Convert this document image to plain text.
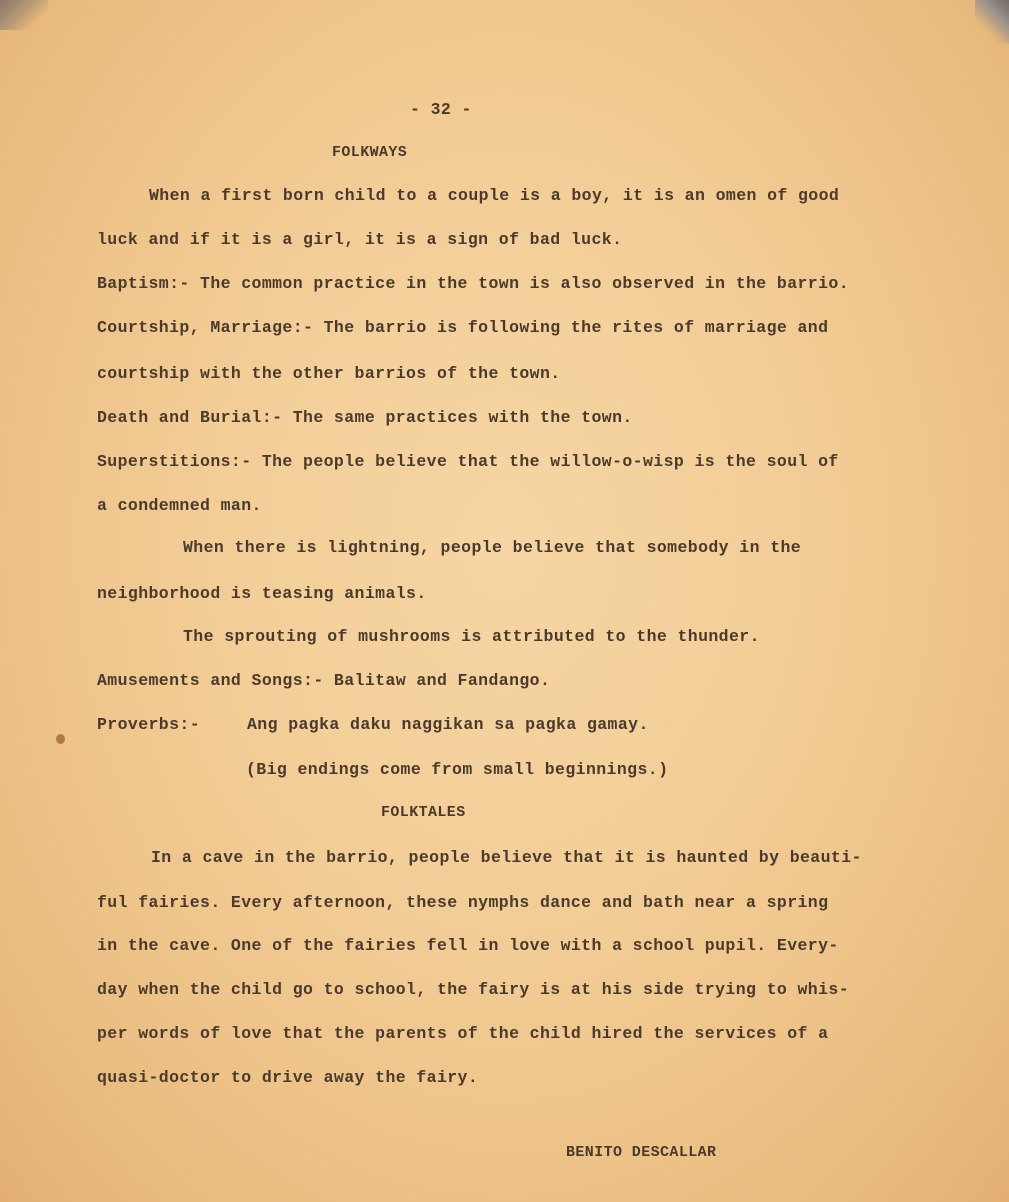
- 32 -
FOLKWAYS
When a first born child to a couple is a boy, it is an omen of good
luck and if it is a girl, it is a sign of bad luck.
Baptism:- The common practice in the town is also observed in the barrio.
Courtship, Marriage:- The barrio is following the rites of marriage and
courtship with the other barrios of the town.
Death and Burial:- The same practices with the town.
Superstitions:- The people believe that the willow-o-wisp is the soul of
a condemned man.
When there is lightning, people believe that somebody in the
neighborhood is teasing animals.
The sprouting of mushrooms is attributed to the thunder.
Amusements and Songs:- Balitaw and Fandango.
Proverbs:-	Ang pagka daku naggikan sa pagka gamay.
(Big endings come from small beginnings.)
FOLKTALES
In a cave in the barrio, people believe that it is haunted by beauti-
ful fairies. Every afternoon, these nymphs dance and bath near a spring
in the cave. One of the fairies fell in love with a school pupil. Every-
day when the child go to school, the fairy is at his side trying to whis-
per words of love that the parents of the child hired the services of a
quasi-doctor to drive away the fairy.
BENITO DESCALLAR
